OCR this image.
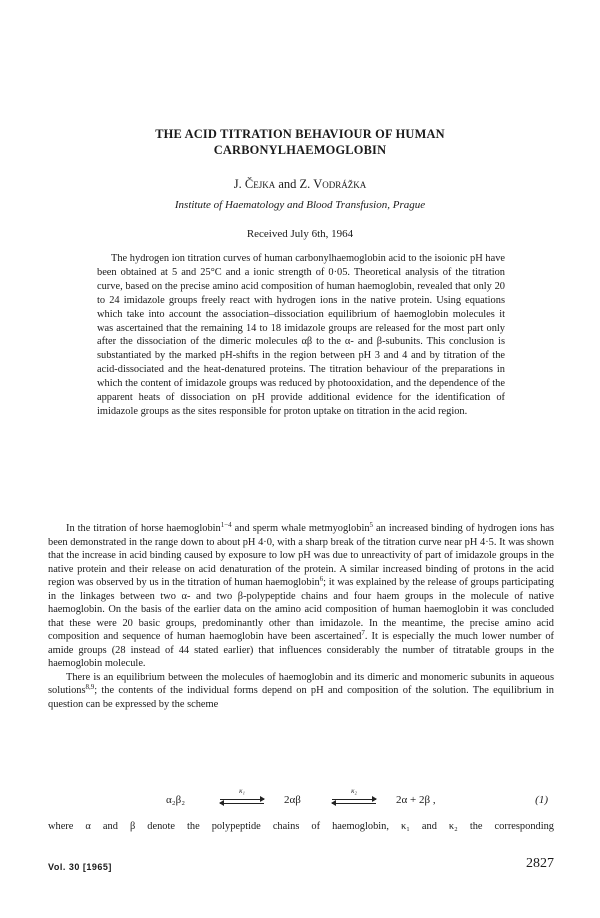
THE ACID TITRATION BEHAVIOUR OF HUMAN
CARBONYLHAEMOGLOBIN
J. Čejka and Z. Vodrážka
Institute of Haematology and Blood Transfusion, Prague
Received July 6th, 1964

The hydrogen ion titration curves of human carbonylhaemoglobin acid to the isoionic pH have been obtained at 5 and 25°C and a ionic strength of 0·05. Theoretical analysis of the titration curve, based on the precise amino acid composition of human haemoglobin, revealed that only 20 to 24 imidazole groups freely react with hydrogen ions in the native protein. Using equations which take into account the association–dissociation equilibrium of haemoglobin molecules it was ascertained that the remaining 14 to 18 imidazole groups are released for the most part only after the dissociation of the dimeric molecules αβ to the α- and β-subunits. This conclusion is substantiated by the marked pH-shifts in the region between pH 3 and 4 and by titration of the acid-dissociated and the heat-denatured proteins. The titration behaviour of the preparations in which the content of imidazole groups was reduced by photooxidation, and the dependence of the apparent heats of dissociation on pH provide additional evidence for the identification of imidazole groups as the sites responsible for proton uptake on titration in the acid region.

In the titration of horse haemoglobin$^{1-4}$ and sperm whale metmyoglobin$^5$ an increased binding of hydrogen ions has been demonstrated in the range down to about pH 4·0, with a sharp break of the titration curve near pH 4·5. It was shown that the increase in acid binding caused by exposure to low pH was due to unreactivity of part of imidazole groups in the native protein and their release on acid denaturation of the protein. A similar increased binding of protons in the acid region was observed by us in the titration of human haemoglobin$^6$; it was explained by the release of groups participating in the linkages between two α- and two β-polypeptide chains and four haem groups in the molecule of native haemoglobin. On the basis of the earlier data on the amino acid composition of human haemoglobin it was concluded that these were 20 basic groups, predominantly other than imidazole. In the meantime, the precise amino acid composition and sequence of human haemoglobin have been ascertained$^7$. It is especially the much lower number of amide groups (28 instead of 44 stated earlier) that influences considerably the number of titratable groups in the haemoglobin molecule.

There is an equilibrium between the molecules of haemoglobin and its dimeric and monomeric subunits in aqueous solutions$^{8,9}$; the contents of the individual forms depend on pH and composition of the solution. The equilibrium in question can be expressed by the scheme

α₂β₂
κ₁
2αβ
κ₂
2α + 2β ,	(1)
where α and β denote the polypeptide chains of haemoglobin, κ₁ and κ₂ the corresponding
Vol. 30 [1965]	2827
